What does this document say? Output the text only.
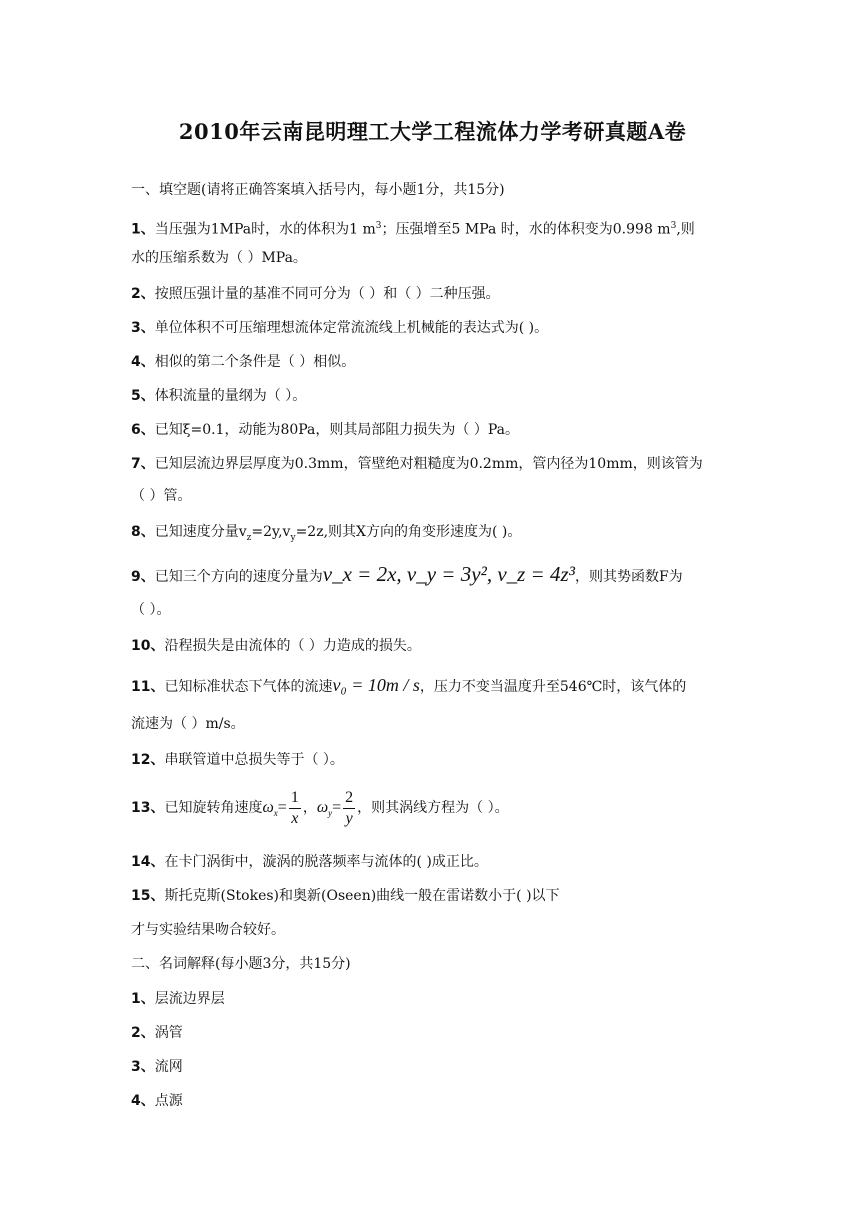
2010年云南昆明理工大学工程流体力学考研真题A卷
一、填空题(请将正确答案填入括号内，每小题1分，共15分)
1、当压强为1MPa时，水的体积为1 $m^3$；压强增至5 MPa 时，水的体积变为0.998 $m^3$,则
水的压缩系数为（ ）MPa。
2、按照压强计量的基准不同可分为（ ）和（ ）二种压强。
3、单位体积不可压缩理想流体定常流流线上机械能的表达式为( )。
4、相似的第二个条件是（ ）相似。
5、体积流量的量纲为（ ）。
6、已知ξ=0.1，动能为80Pa，则其局部阻力损失为（ ）Pa。
7、已知层流边界层厚度为0.3mm，管壁绝对粗糙度为0.2mm，管内径为10mm，则该管为
（ ）管。
8、已知速度分量$v_z=2y,v_y=2z$,则其X方向的角变形速度为( )。
9、已知三个方向的速度分量为ν_x = 2x, ν_y = 3y², ν_z = 4z³，则其势函数F为
（ ）。
10、沿程损失是由流体的（ ）力造成的损失。
11、已知标准状态下气体的流速ν₀ = 10m / s，压力不变当温度升至546℃时，该气体的
流速为（ ）m/s。
12、串联管道中总损失等于（ ）。
13、已知旋转角速度$\omega_x= \frac{1}{x}$ ，$\omega_y= \frac{2}{y}$ ，则其涡线方程为（ ）。
14、在卡门涡街中，漩涡的脱落频率与流体的( )成正比。
15、斯托克斯(Stokes)和奥新(Oseen)曲线一般在雷诺数小于( )以下
才与实验结果吻合较好。
二、名词解释(每小题3分，共15分)
1、层流边界层
2、涡管
3、流网
4、点源
